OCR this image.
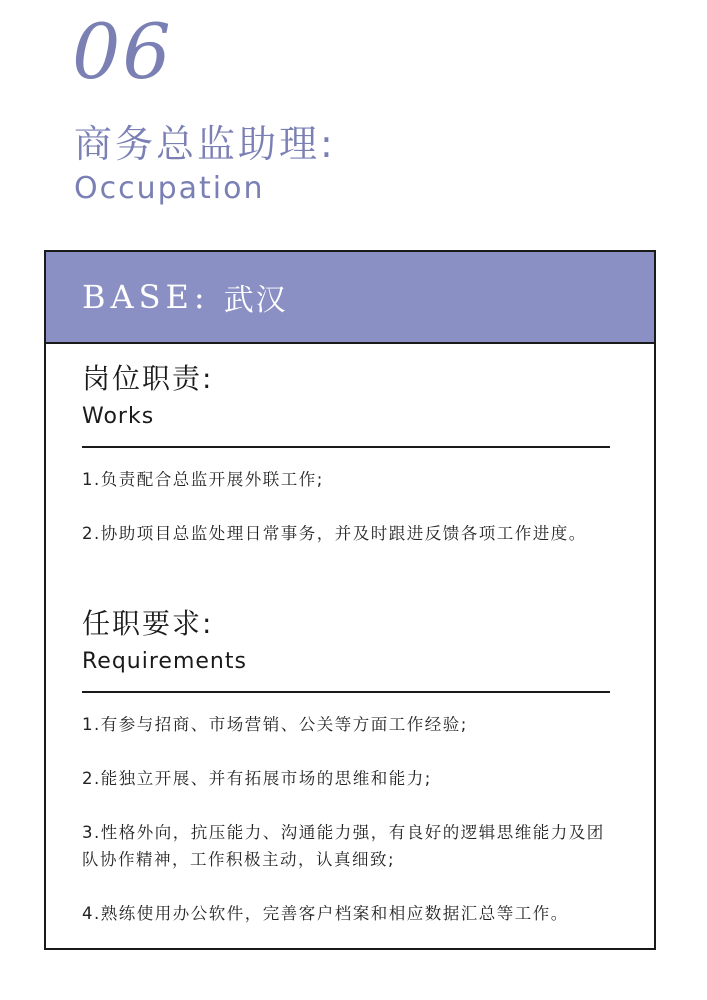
06
商务总监助理:
Occupation
BASE: 武汉
岗位职责:
Works
1.负责配合总监开展外联工作;
2.协助项目总监处理日常事务，并及时跟进反馈各项工作进度。
任职要求:
Requirements
1.有参与招商、市场营销、公关等方面工作经验;
2.能独立开展、并有拓展市场的思维和能力;
3.性格外向，抗压能力、沟通能力强，有良好的逻辑思维能力及团队协作精神，工作积极主动，认真细致;
4.熟练使用办公软件，完善客户档案和相应数据汇总等工作。
